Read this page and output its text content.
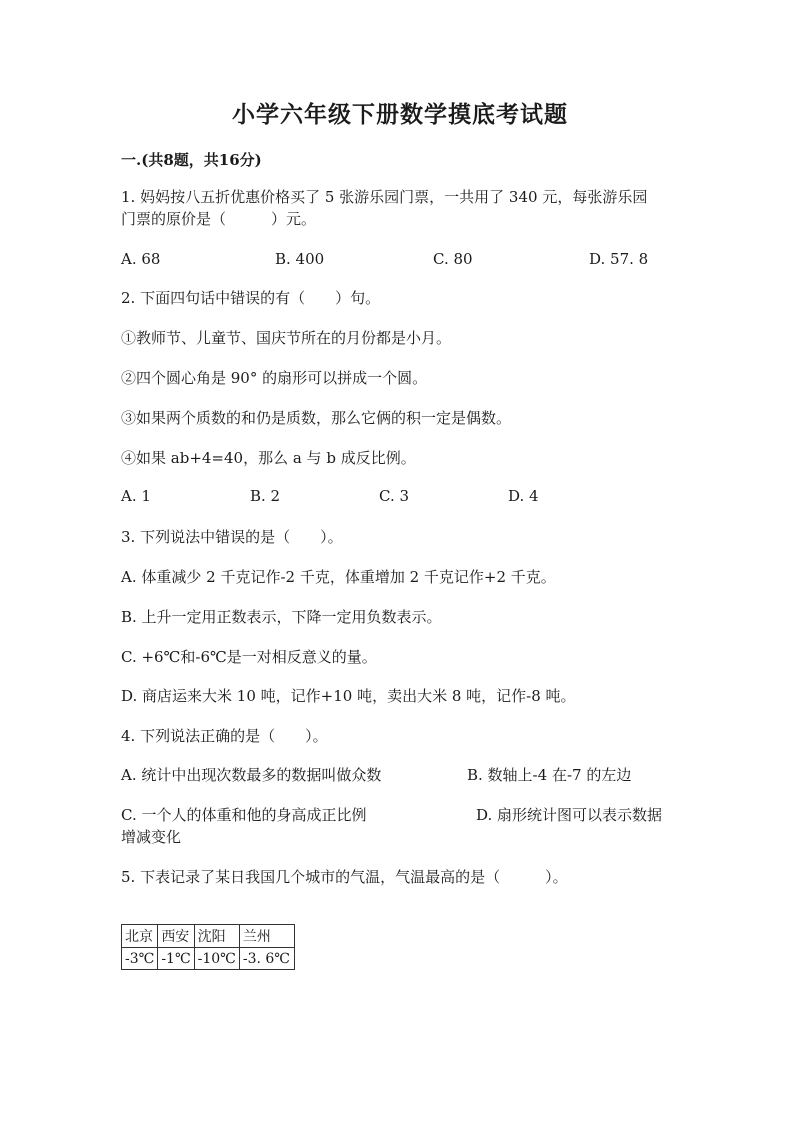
小学六年级下册数学摸底考试题
一.(共8题，共16分)
1. 妈妈按八五折优惠价格买了 5 张游乐园门票，一共用了 340 元，每张游乐园
门票的原价是（　　　）元。
A. 68	B. 400	C. 80	D. 57. 8
2. 下面四句话中错误的有（　　）句。
①教师节、儿童节、国庆节所在的月份都是小月。
②四个圆心角是 90° 的扇形可以拼成一个圆。
③如果两个质数的和仍是质数，那么它俩的积一定是偶数。
④如果 ab+4=40，那么 a 与 b 成反比例。
A. 1	B. 2	C. 3	D. 4
3. 下列说法中错误的是（　　）。
A. 体重减少 2 千克记作-2 千克，体重增加 2 千克记作+2 千克。
B. 上升一定用正数表示，下降一定用负数表示。
C. +6℃和-6℃是一对相反意义的量。
D. 商店运来大米 10 吨，记作+10 吨，卖出大米 8 吨，记作-8 吨。
4. 下列说法正确的是（　　）。
A. 统计中出现次数最多的数据叫做众数	B. 数轴上-4 在-7 的左边
C. 一个人的体重和他的身高成正比例	D. 扇形统计图可以表示数据
增减变化
5. 下表记录了某日我国几个城市的气温，气温最高的是（　　　）。
北京	西安	沈阳	兰州
-3℃	-1℃	-10℃	-3. 6℃
